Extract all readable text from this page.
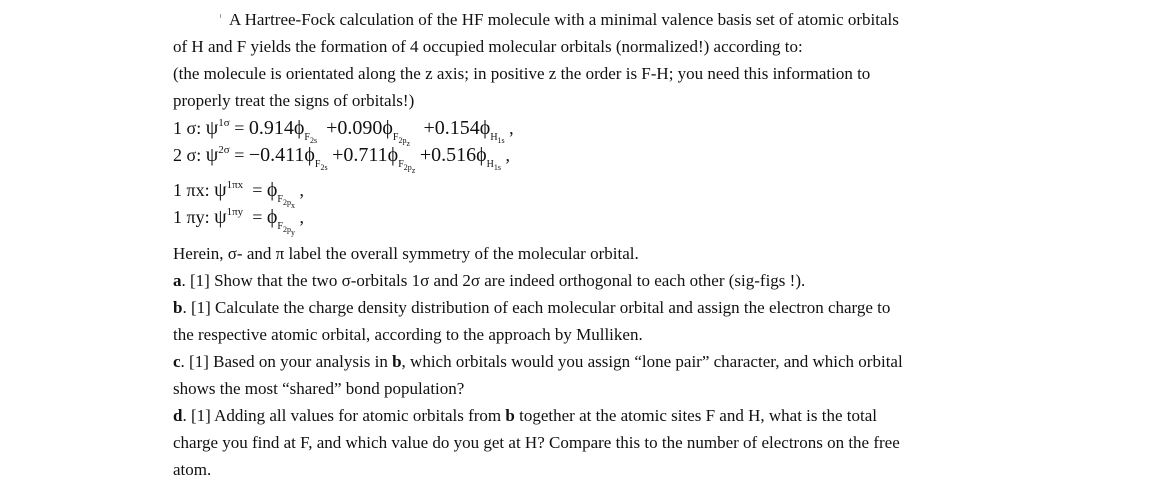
A Hartree-Fock calculation of the HF molecule with a minimal valence basis set of atomic orbitals
of H and F yields the formation of 4 occupied molecular orbitals (normalized!) according to:
(the molecule is orientated along the z axis; in positive z the order is F-H; you need this information to
properly treat the signs of orbitals!)
1 σ: $\psi^{1\sigma} = 0.914\phi_{F_{2s}} +0.090\phi_{F_{2pz}} +0.154\phi_{H_{1s}}$ ,
2 σ: $\psi^{2\sigma} = -0.411\phi_{F_{2s}} +0.711\phi_{F_{2pz}} +0.516\phi_{H_{1s}}$ ,
1 πx: $\psi^{1\pi x} = \phi_{F_{2px}}$ ,
1 πy: $\psi^{1\pi y} = \phi_{F_{2py}}$ ,
Herein, σ- and π label the overall symmetry of the molecular orbital.
a. [1] Show that the two σ-orbitals 1σ and 2σ are indeed orthogonal to each other (sig-figs !).
b. [1] Calculate the charge density distribution of each molecular orbital and assign the electron charge to
the respective atomic orbital, according to the approach by Mulliken.
c. [1] Based on your analysis in b, which orbitals would you assign “lone pair” character, and which orbital
shows the most “shared” bond population?
d. [1] Adding all values for atomic orbitals from b together at the atomic sites F and H, what is the total
charge you find at F, and which value do you get at H? Compare this to the number of electrons on the free
atom.
